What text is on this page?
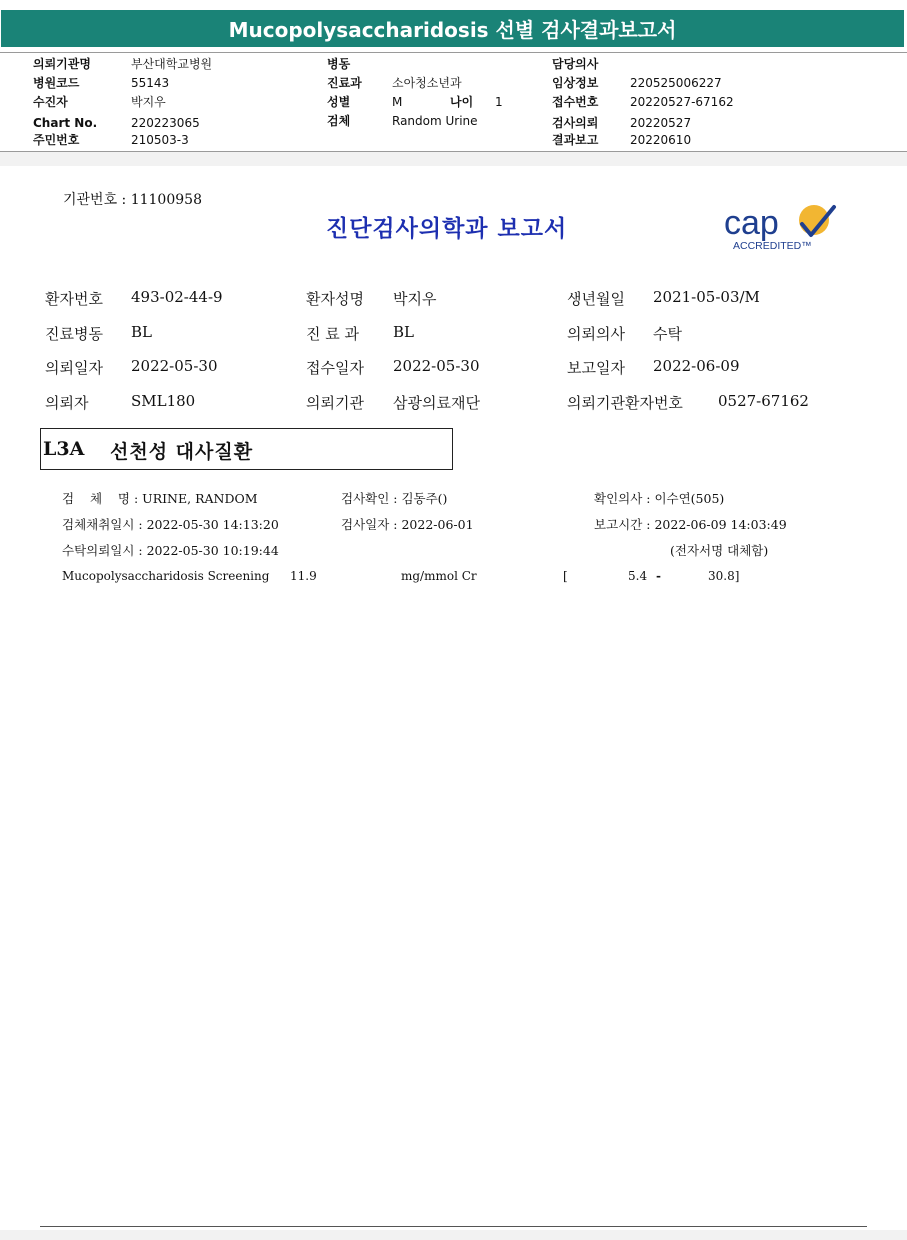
Mucopolysaccharidosis 선별 검사결과보고서
의뢰기관명	부산대학교병원
병원코드	55143
수진자	박지우
Chart No.	220223065
주민번호	210503-3
병동
진료과	소아청소년과
성별	M	나이 1
검체	Random Urine
담당의사
임상정보	220525006227
접수번호	20220527-67162
검사의뢰	20220527
결과보고	20220610
기관번호 : 11100958
진단검사의학과 보고서	cap
ACCREDITED™
환자번호 493-02-44-9	환자성명 박지우	생년월일 2021-05-03/M
진료병동 BL	진 료 과 BL	의뢰의사 수탁
의뢰일자 2022-05-30	접수일자 2022-05-30	보고일자 2022-06-09
의뢰자	SML180	의뢰기관 삼광의료재단	의뢰기관환자번호 0527-67162
L3A 선천성 대사질환
검    체    명 : URINE, RANDOM	검사확인 : 김동주()	확인의사 : 이수연(505)
검체채취일시 : 2022-05-30 14:13:20	검사일자 : 2022-06-01	보고시간 : 2022-06-09 14:03:49
수탁의뢰일시 : 2022-05-30 10:19:44	(전자서명 대체함)
Mucopolysaccharidosis Screening 11.9	mg/mmol Cr	[	5.4 -	30.8]
